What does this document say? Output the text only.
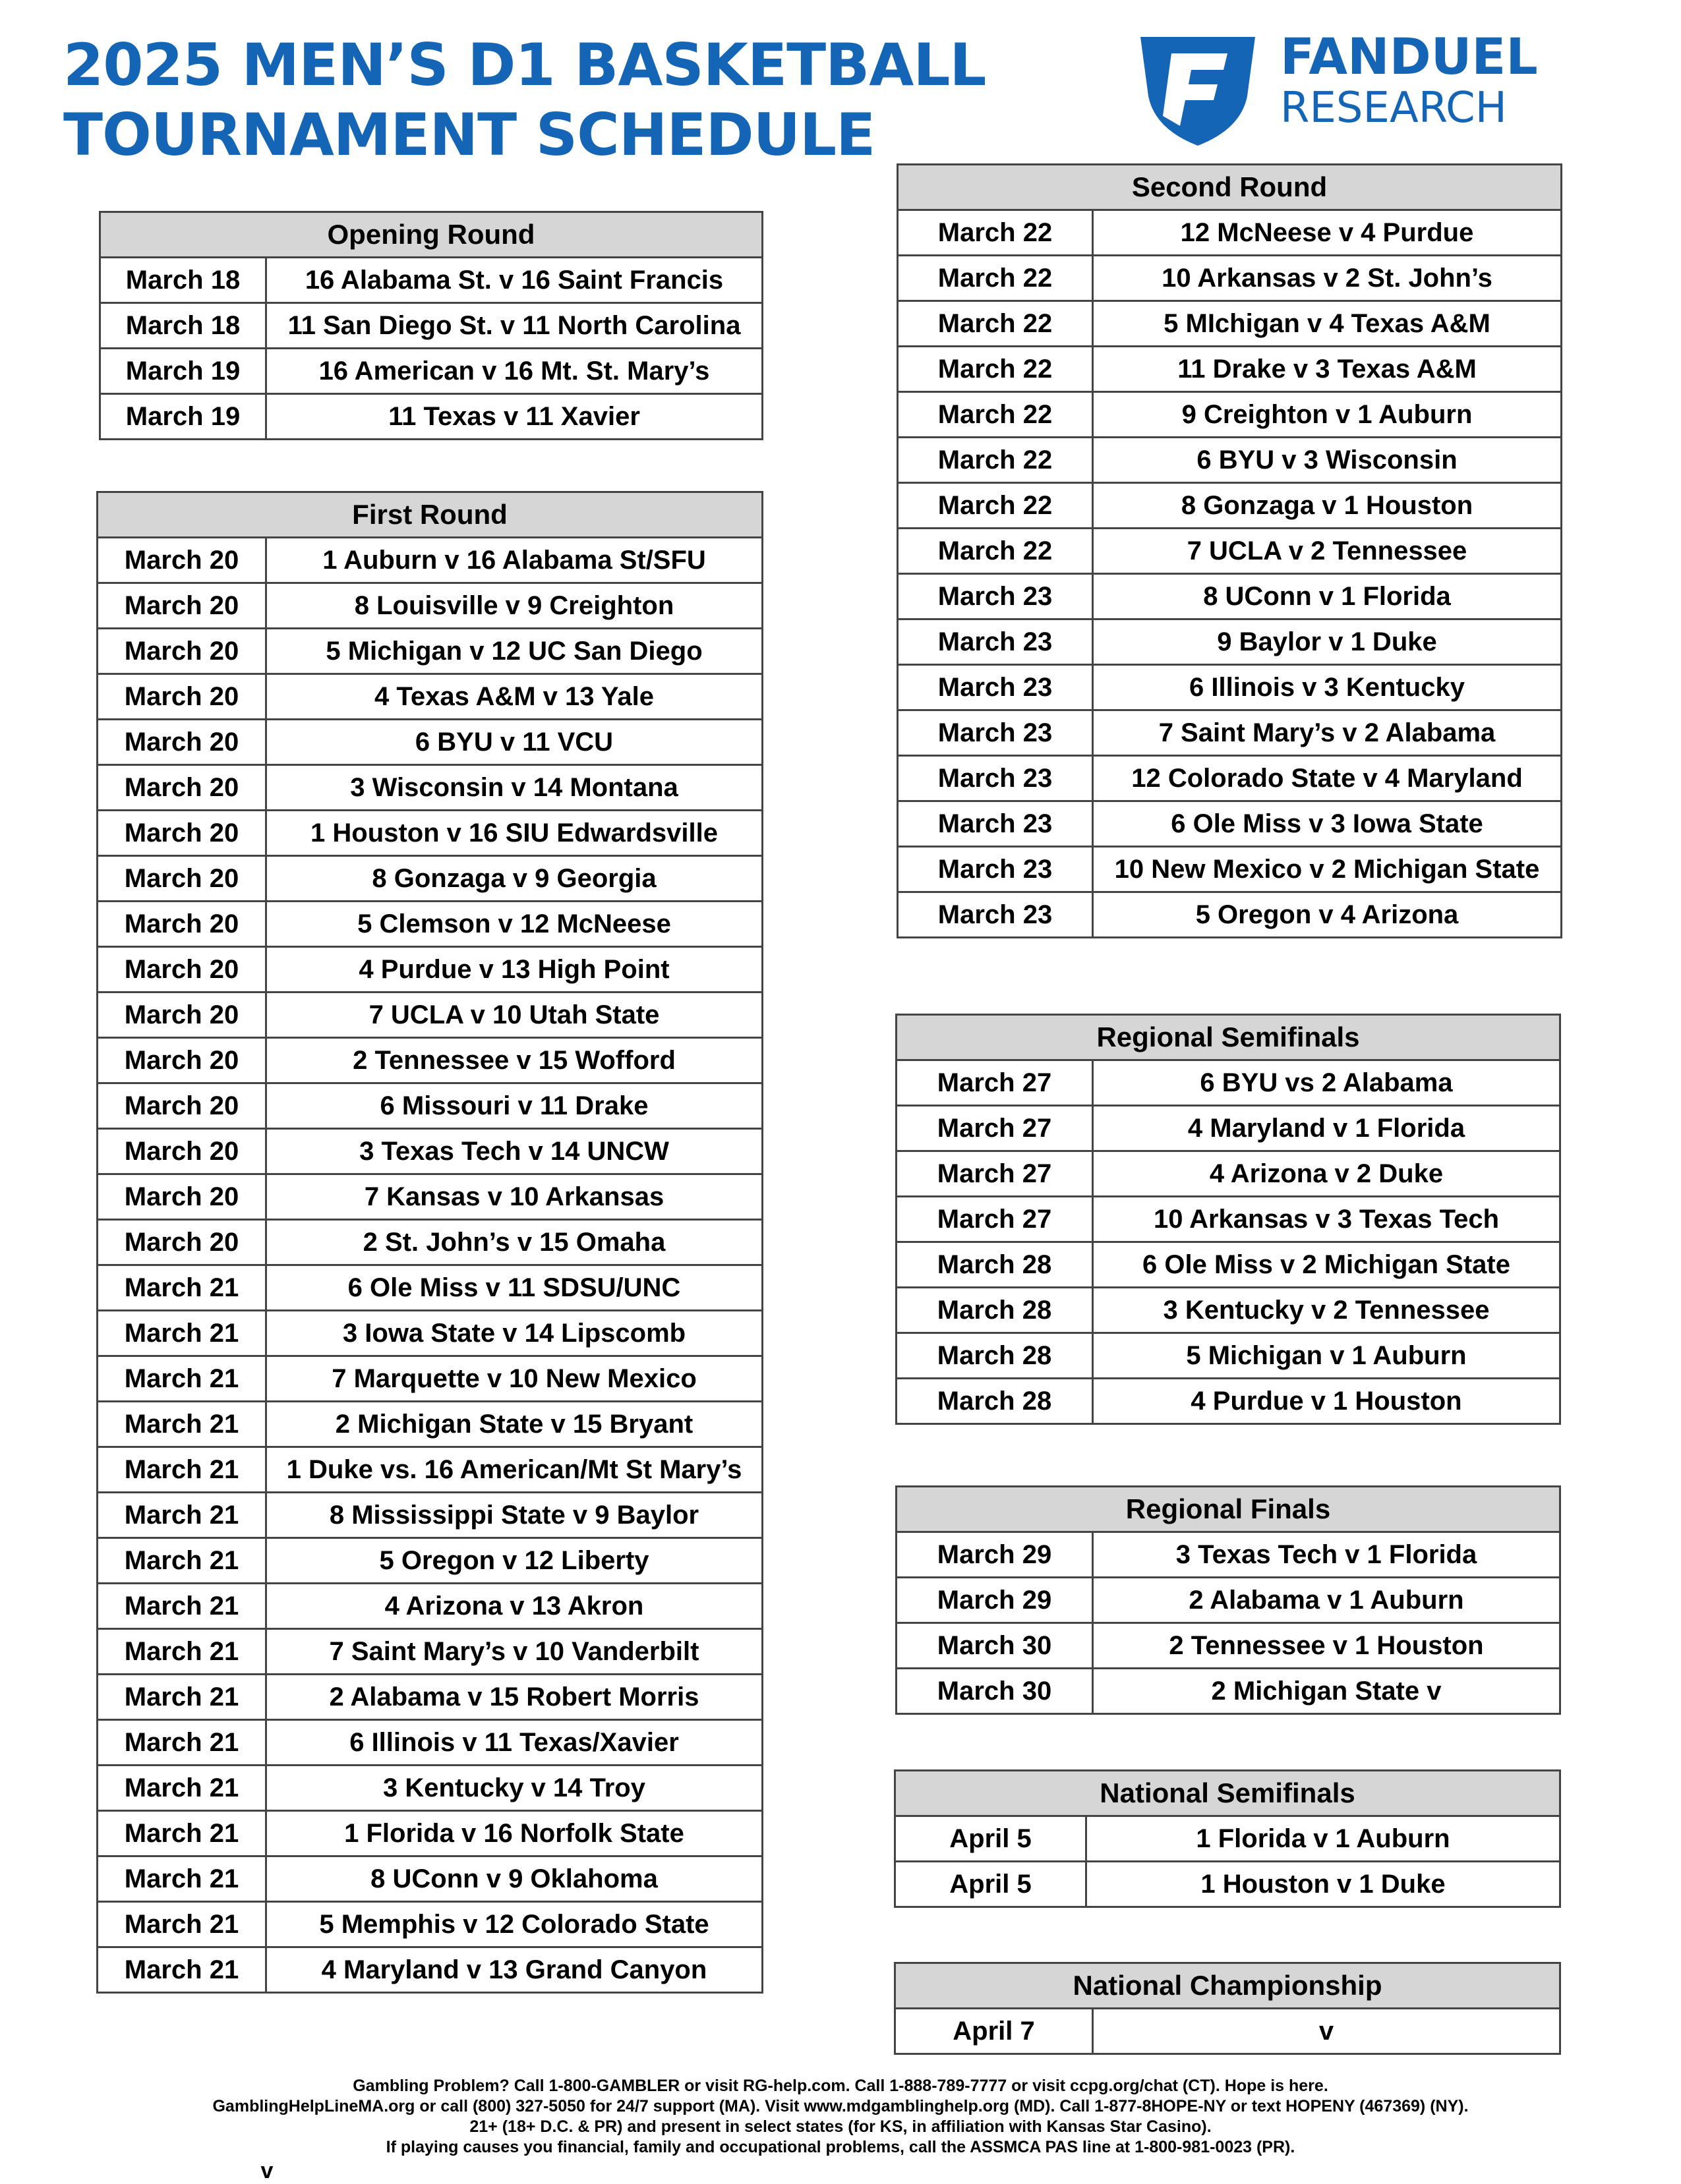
2025 MEN’S D1 BASKETBALL
TOURNAMENT SCHEDULE
FANDUEL
RESEARCH
Opening Round	
March 18	16 Alabama St. v 16 Saint Francis
March 18	11 San Diego St. v 11 North Carolina
March 19	16 American v 16 Mt. St. Mary’s
March 19	11 Texas v 11 Xavier
First Round	
March 20	1 Auburn v 16 Alabama St/SFU
March 20	8 Louisville v 9 Creighton
March 20	5 Michigan v 12 UC San Diego
March 20	4 Texas A&M v 13 Yale
March 20	6 BYU v 11 VCU
March 20	3 Wisconsin v 14 Montana
March 20	1 Houston v 16 SIU Edwardsville
March 20	8 Gonzaga v 9 Georgia
March 20	5 Clemson v 12 McNeese
March 20	4 Purdue v 13 High Point
March 20	7 UCLA v 10 Utah State
March 20	2 Tennessee v 15 Wofford
March 20	6 Missouri v 11 Drake
March 20	3 Texas Tech v 14 UNCW
March 20	7 Kansas v 10 Arkansas
March 20	2 St. John’s v 15 Omaha
March 21	6 Ole Miss v 11 SDSU/UNC
March 21	3 Iowa State v 14 Lipscomb
March 21	7 Marquette v 10 New Mexico
March 21	2 Michigan State v 15 Bryant
March 21	1 Duke vs. 16 American/Mt St Mary’s
March 21	8 Mississippi State v 9 Baylor
March 21	5 Oregon v 12 Liberty
March 21	4 Arizona v 13 Akron
March 21	7 Saint Mary’s v 10 Vanderbilt
March 21	2 Alabama v 15 Robert Morris
March 21	6 Illinois v 11 Texas/Xavier
March 21	3 Kentucky v 14 Troy
March 21	1 Florida v 16 Norfolk State
March 21	8 UConn v 9 Oklahoma
March 21	5 Memphis v 12 Colorado State
March 21	4 Maryland v 13 Grand Canyon
Second Round	
March 22	12 McNeese v 4 Purdue
March 22	10 Arkansas v 2 St. John’s
March 22	5 MIchigan v 4 Texas A&M
March 22	11 Drake v 3 Texas A&M
March 22	9 Creighton v 1 Auburn
March 22	6 BYU v 3 Wisconsin
March 22	8 Gonzaga v 1 Houston
March 22	7 UCLA v 2 Tennessee
March 23	8 UConn v 1 Florida
March 23	9 Baylor v 1 Duke
March 23	6 Illinois v 3 Kentucky
March 23	7 Saint Mary’s v 2 Alabama
March 23	12 Colorado State v 4 Maryland
March 23	6 Ole Miss v 3 Iowa State
March 23	10 New Mexico v 2 Michigan State
March 23	5 Oregon v 4 Arizona
Regional Semifinals	
March 27	6 BYU vs 2 Alabama
March 27	4 Maryland v 1 Florida
March 27	4 Arizona v 2 Duke
March 27	10 Arkansas v 3 Texas Tech
March 28	6 Ole Miss v 2 Michigan State
March 28	3 Kentucky v 2 Tennessee
March 28	5 Michigan v 1 Auburn
March 28	4 Purdue v 1 Houston
Regional Finals	
March 29	3 Texas Tech v 1 Florida
March 29	2 Alabama v 1 Auburn
March 30	2 Tennessee v 1 Houston
March 30	2 Michigan State v
National Semifinals	
April 5	1 Florida v 1 Auburn
April 5	1 Houston v 1 Duke
National Championship
April 7	v
Gambling Problem? Call 1-800-GAMBLER or visit RG-help.com. Call 1-888-789-7777 or visit ccpg.org/chat (CT). Hope is here.
GamblingHelpLineMA.org or call (800) 327-5050 for 24/7 support (MA). Visit www.mdgamblinghelp.org (MD). Call 1-877-8HOPE-NY or text HOPENY (467369) (NY).
21+ (18+ D.C. & PR) and present in select states (for KS, in affiliation with Kansas Star Casino).
If playing causes you financial, family and occupational problems, call the ASSMCA PAS line at 1-800-981-0023 (PR).
v
